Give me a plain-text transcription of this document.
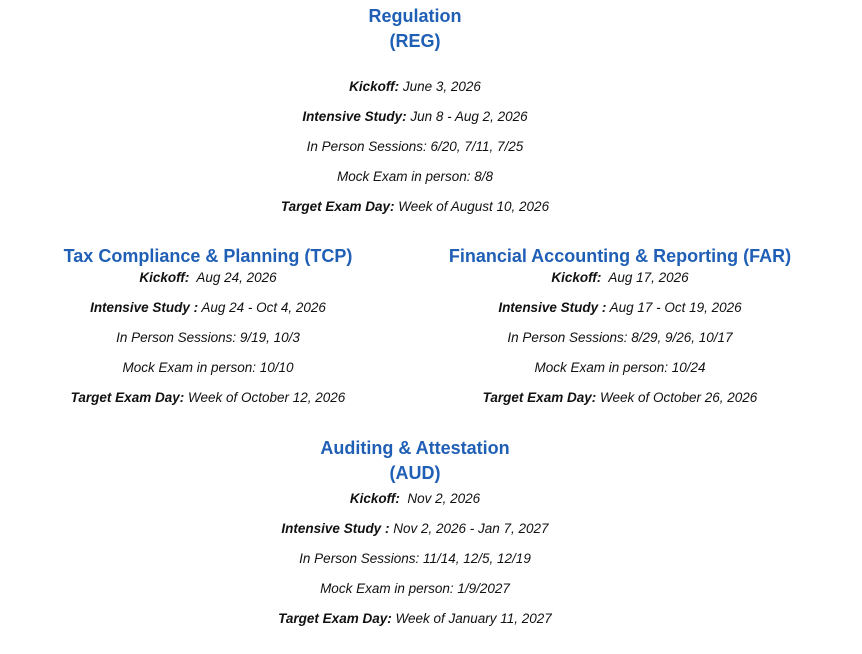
Regulation
(REG)
Kickoff: June 3, 2026
Intensive Study: Jun 8 - Aug 2, 2026
In Person Sessions: 6/20, 7/11, 7/25
Mock Exam in person: 8/8
Target Exam Day: Week of August 10, 2026
Tax Compliance & Planning (TCP)
Kickoff:  Aug 24, 2026
Intensive Study : Aug 24 - Oct 4, 2026
In Person Sessions: 9/19, 10/3
Mock Exam in person: 10/10
Target Exam Day: Week of October 12, 2026
Financial Accounting & Reporting (FAR)
Kickoff:  Aug 17, 2026
Intensive Study : Aug 17 - Oct 19, 2026
In Person Sessions: 8/29, 9/26, 10/17
Mock Exam in person: 10/24
Target Exam Day: Week of October 26, 2026
Auditing & Attestation
(AUD)
Kickoff:  Nov 2, 2026
Intensive Study : Nov 2, 2026 - Jan 7, 2027
In Person Sessions: 11/14, 12/5, 12/19
Mock Exam in person: 1/9/2027
Target Exam Day: Week of January 11, 2027
